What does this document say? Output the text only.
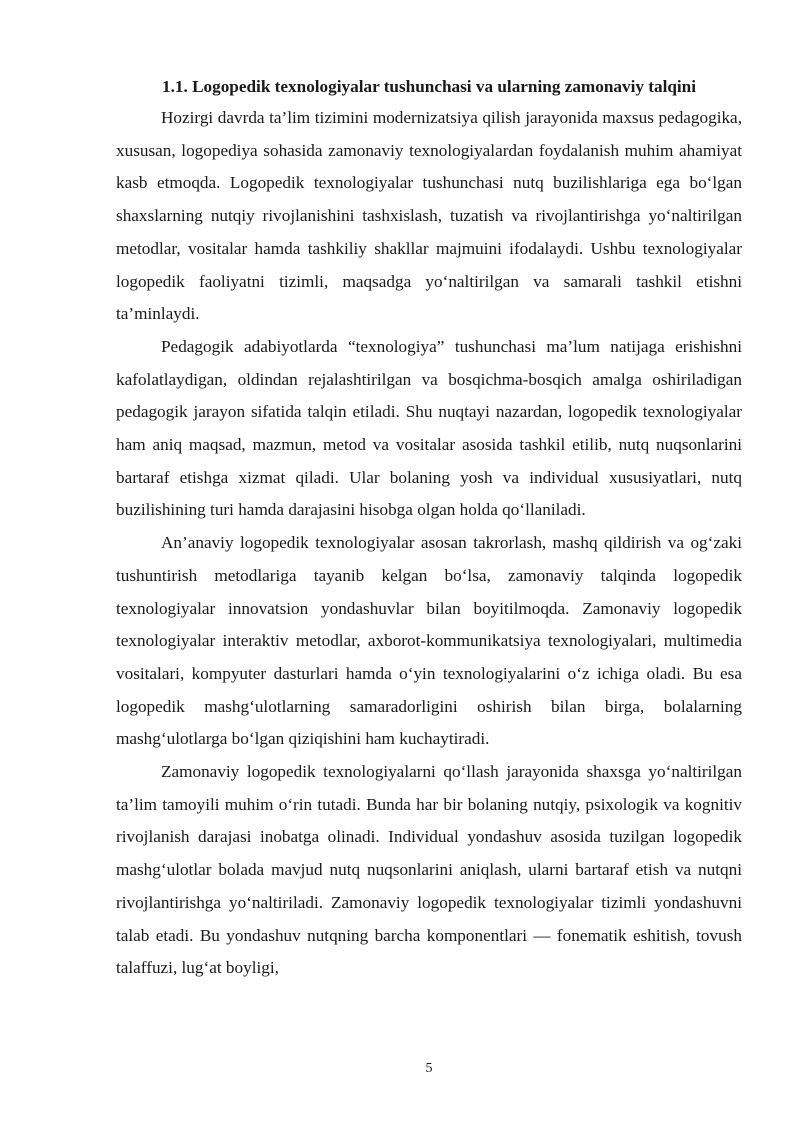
1.1. Logopedik texnologiyalar tushunchasi va ularning zamonaviy talqini

Hozirgi davrda ta’lim tizimini modernizatsiya qilish jarayonida maxsus pedagogika, xususan, logopediya sohasida zamonaviy texnologiyalardan foydalanish muhim ahamiyat kasb etmoqda. Logopedik texnologiyalar tushunchasi nutq buzilishlariga ega bo‘lgan shaxslarning nutqiy rivojlanishini tashxislash, tuzatish va rivojlantirishga yo‘naltirilgan metodlar, vositalar hamda tashkiliy shakllar majmuini ifodalaydi. Ushbu texnologiyalar logopedik faoliyatni tizimli, maqsadga yo‘naltirilgan va samarali tashkil etishni ta’minlaydi.

Pedagogik adabiyotlarda “texnologiya” tushunchasi ma’lum natijaga erishishni kafolatlaydigan, oldindan rejalashtirilgan va bosqichma-bosqich amalga oshiriladigan pedagogik jarayon sifatida talqin etiladi. Shu nuqtayi nazardan, logopedik texnologiyalar ham aniq maqsad, mazmun, metod va vositalar asosida tashkil etilib, nutq nuqsonlarini bartaraf etishga xizmat qiladi. Ular bolaning yosh va individual xususiyatlari, nutq buzilishining turi hamda darajasini hisobga olgan holda qo‘llaniladi.

An’anaviy logopedik texnologiyalar asosan takrorlash, mashq qildirish va og‘zaki tushuntirish metodlariga tayanib kelgan bo‘lsa, zamonaviy talqinda logopedik texnologiyalar innovatsion yondashuvlar bilan boyitilmoqda. Zamonaviy logopedik texnologiyalar interaktiv metodlar, axborot-kommunikatsiya texnologiyalari, multimedia vositalari, kompyuter dasturlari hamda o‘yin texnologiyalarini o‘z ichiga oladi. Bu esa logopedik mashg‘ulotlarning samaradorligini oshirish bilan birga, bolalarning mashg‘ulotlarga bo‘lgan qiziqishini ham kuchaytiradi.

Zamonaviy logopedik texnologiyalarni qo‘llash jarayonida shaxsga yo‘naltirilgan ta’lim tamoyili muhim o‘rin tutadi. Bunda har bir bolaning nutqiy, psixologik va kognitiv rivojlanish darajasi inobatga olinadi. Individual yondashuv asosida tuzilgan logopedik mashg‘ulotlar bolada mavjud nutq nuqsonlarini aniqlash, ularni bartaraf etish va nutqni rivojlantirishga yo‘naltiriladi. Zamonaviy logopedik texnologiyalar tizimli yondashuvni talab etadi. Bu yondashuv nutqning barcha komponentlari — fonematik eshitish, tovush talaffuzi, lug‘at boyligi,

5
